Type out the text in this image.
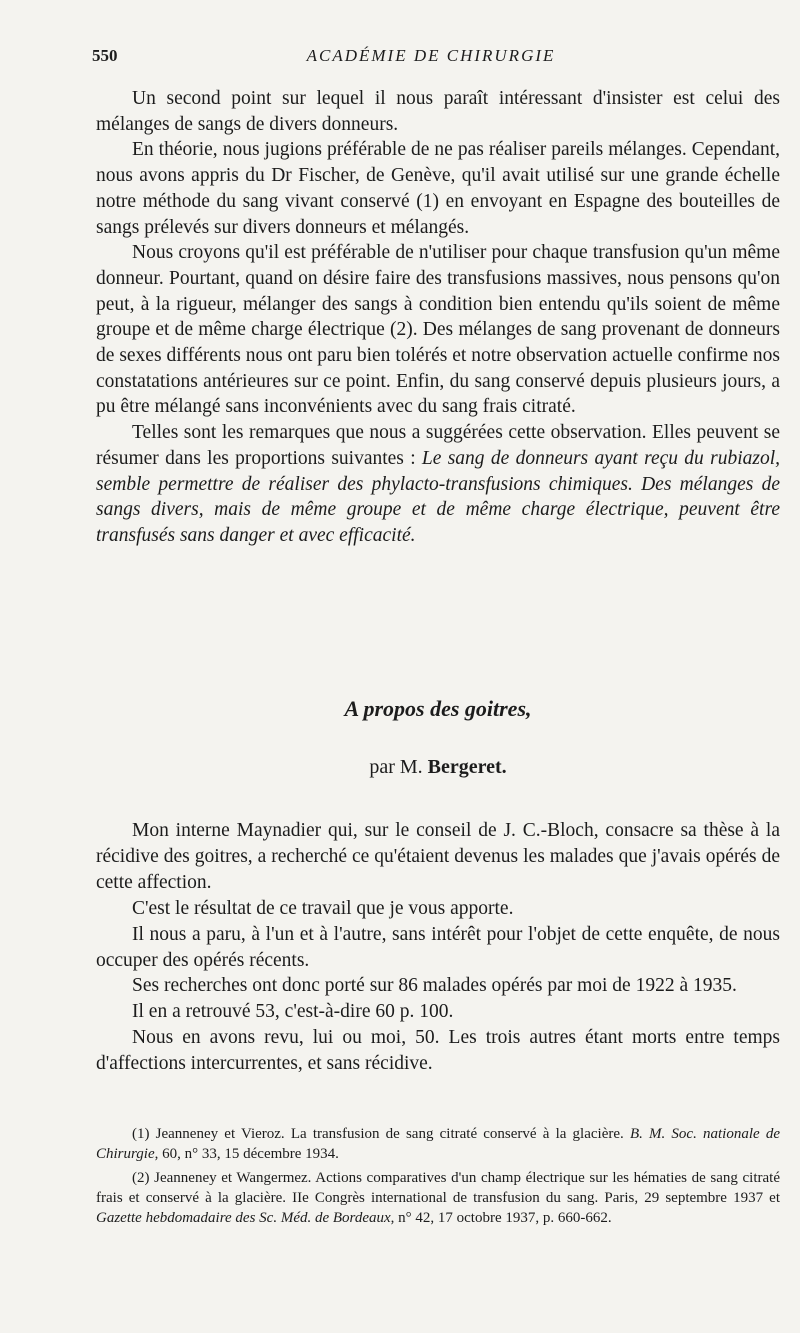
550	ACADÉMIE DE CHIRURGIE

Un second point sur lequel il nous paraît intéressant d'insister est celui des mélanges de sangs de divers donneurs.

En théorie, nous jugions préférable de ne pas réaliser pareils mélanges. Cependant, nous avons appris du Dr Fischer, de Genève, qu'il avait utilisé sur une grande échelle notre méthode du sang vivant conservé (1) en envoyant en Espagne des bouteilles de sangs prélevés sur divers donneurs et mélangés.

Nous croyons qu'il est préférable de n'utiliser pour chaque transfusion qu'un même donneur. Pourtant, quand on désire faire des transfusions massives, nous pensons qu'on peut, à la rigueur, mélanger des sangs à condition bien entendu qu'ils soient de même groupe et de même charge électrique (2). Des mélanges de sang provenant de donneurs de sexes différents nous ont paru bien tolérés et notre observation actuelle confirme nos constatations antérieures sur ce point. Enfin, du sang conservé depuis plusieurs jours, a pu être mélangé sans inconvénients avec du sang frais citraté.

Telles sont les remarques que nous a suggérées cette observation. Elles peuvent se résumer dans les proportions suivantes : Le sang de donneurs ayant reçu du rubiazol, semble permettre de réaliser des phylacto-transfusions chimiques. Des mélanges de sangs divers, mais de même groupe et de même charge électrique, peuvent être transfusés sans danger et avec efficacité.

A propos des goitres,
par M. Bergeret.

Mon interne Maynadier qui, sur le conseil de J. C.-Bloch, consacre sa thèse à la récidive des goitres, a recherché ce qu'étaient devenus les malades que j'avais opérés de cette affection.

C'est le résultat de ce travail que je vous apporte.

Il nous a paru, à l'un et à l'autre, sans intérêt pour l'objet de cette enquête, de nous occuper des opérés récents.

Ses recherches ont donc porté sur 86 malades opérés par moi de 1922 à 1935.

Il en a retrouvé 53, c'est-à-dire 60 p. 100.

Nous en avons revu, lui ou moi, 50. Les trois autres étant morts entre temps d'affections intercurrentes, et sans récidive.

(1) Jeanneney et Vieroz. La transfusion de sang citraté conservé à la glacière. B. M. Soc. nationale de Chirurgie, 60, n° 33, 15 décembre 1934.

(2) Jeanneney et Wangermez. Actions comparatives d'un champ électrique sur les hématies de sang citraté frais et conservé à la glacière. IIe Congrès international de transfusion du sang. Paris, 29 septembre 1937 et Gazette hebdomadaire des Sc. Méd. de Bordeaux, n° 42, 17 octobre 1937, p. 660-662.
